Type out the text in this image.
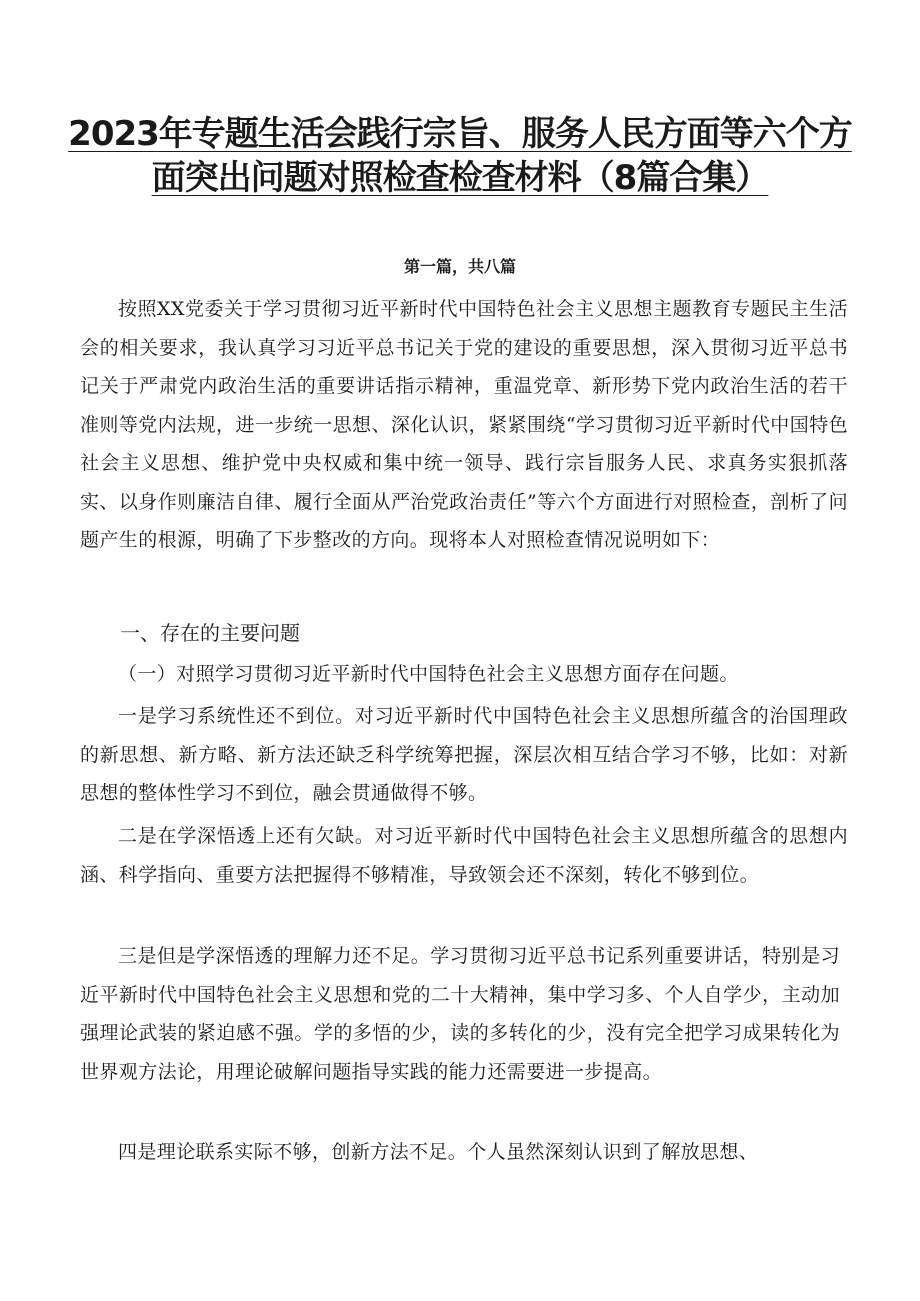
2023年专题生活会践行宗旨、服务人民方面等六个方
面突出问题对照检查检查材料（8篇合集）

第一篇，共八篇

按照XX党委关于学习贯彻习近平新时代中国特色社会主义思想主题教育专题民主生活会的相关要求，我认真学习习近平总书记关于党的建设的重要思想，深入贯彻习近平总书记关于严肃党内政治生活的重要讲话指示精神，重温党章、新形势下党内政治生活的若干准则等党内法规，进一步统一思想、深化认识，紧紧围绕“学习贯彻习近平新时代中国特色社会主义思想、维护党中央权威和集中统一领导、践行宗旨服务人民、求真务实狠抓落实、以身作则廉洁自律、履行全面从严治党政治责任”等六个方面进行对照检查，剖析了问题产生的根源，明确了下步整改的方向。现将本人对照检查情况说明如下：

一、存在的主要问题

（一）对照学习贯彻习近平新时代中国特色社会主义思想方面存在问题。

一是学习系统性还不到位。对习近平新时代中国特色社会主义思想所蕴含的治国理政的新思想、新方略、新方法还缺乏科学统筹把握，深层次相互结合学习不够，比如：对新思想的整体性学习不到位，融会贯通做得不够。

二是在学深悟透上还有欠缺。对习近平新时代中国特色社会主义思想所蕴含的思想内涵、科学指向、重要方法把握得不够精准，导致领会还不深刻，转化不够到位。

三是但是学深悟透的理解力还不足。学习贯彻习近平总书记系列重要讲话，特别是习近平新时代中国特色社会主义思想和党的二十大精神，集中学习多、个人自学少，主动加强理论武装的紧迫感不强。学的多悟的少，读的多转化的少，没有完全把学习成果转化为世界观方法论，用理论破解问题指导实践的能力还需要进一步提高。

四是理论联系实际不够，创新方法不足。个人虽然深刻认识到了解放思想、
